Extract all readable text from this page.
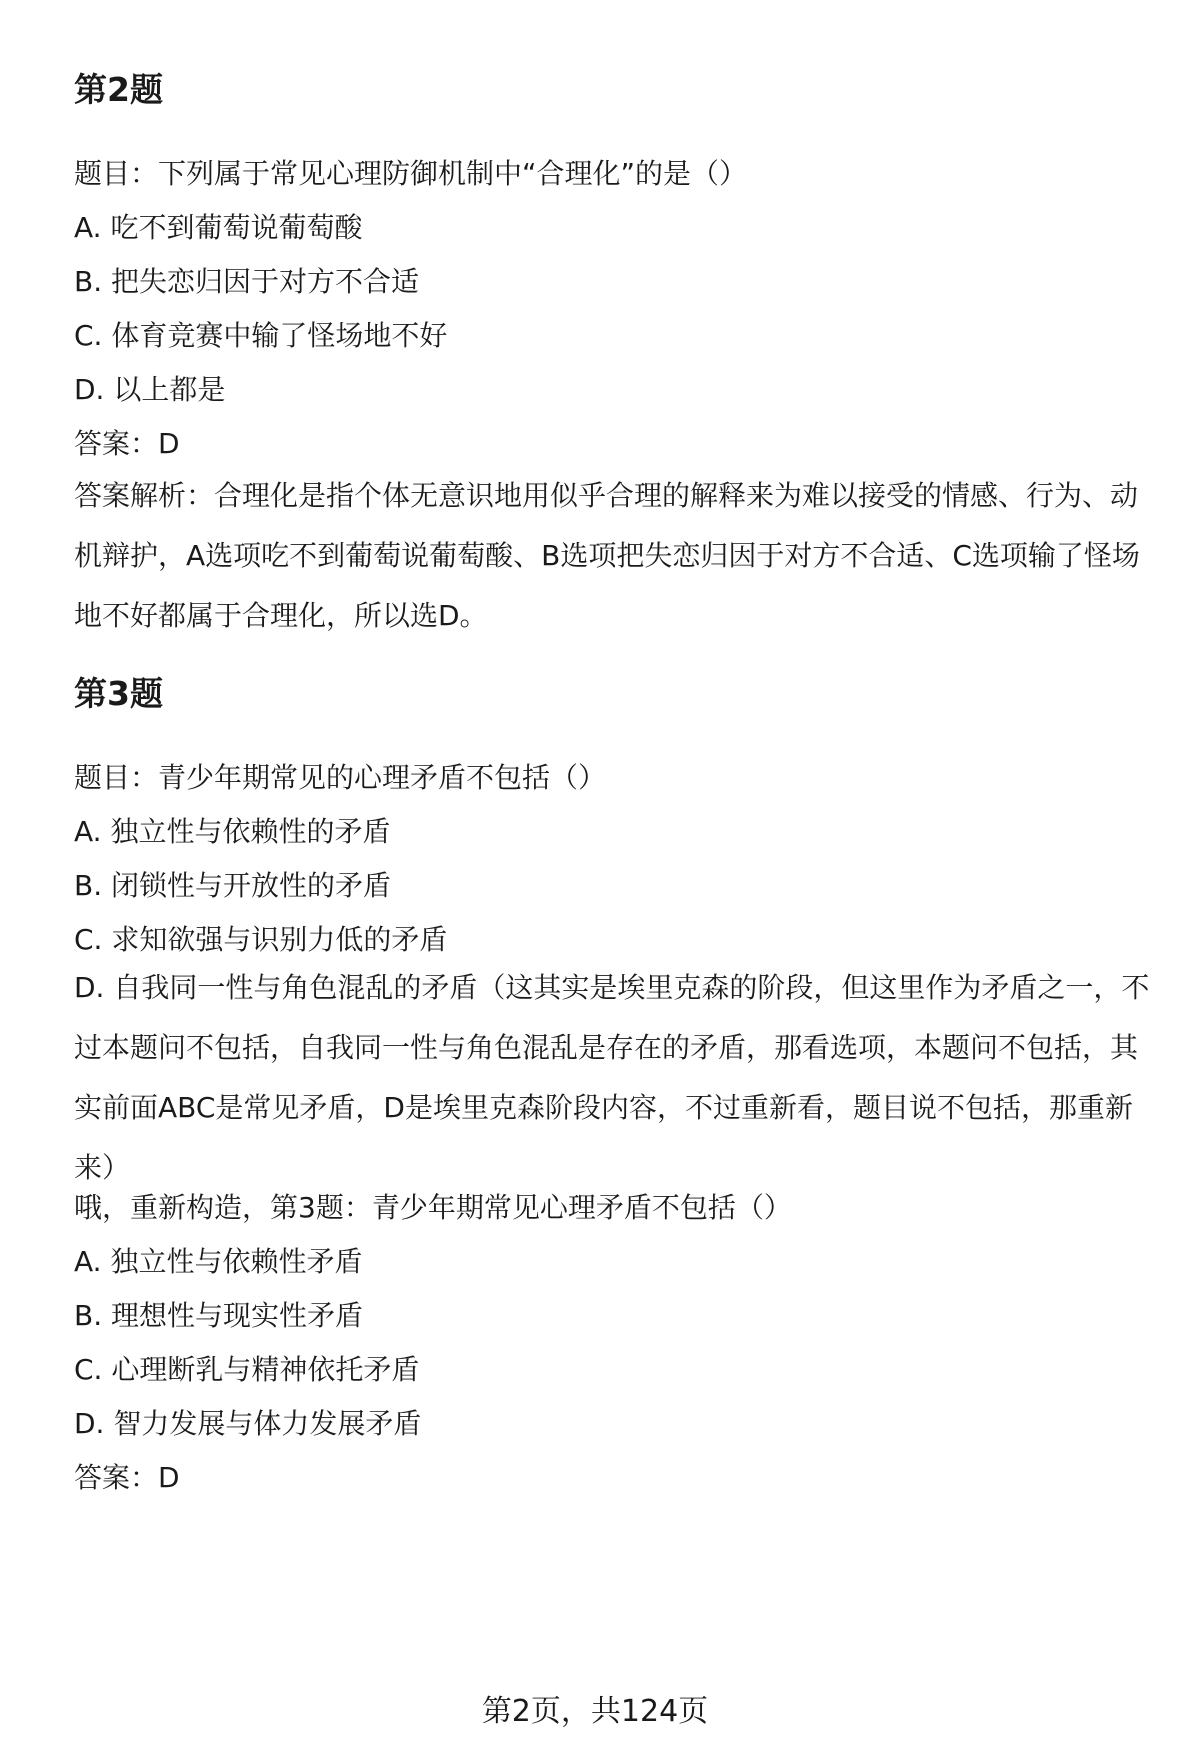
第2题

题目：下列属于常见心理防御机制中“合理化”的是（）

A. 吃不到葡萄说葡萄酸

B. 把失恋归因于对方不合适

C. 体育竞赛中输了怪场地不好

D. 以上都是

答案：D

答案解析：合理化是指个体无意识地用似乎合理的解释来为难以接受的情感、行为、动机辩护，A选项吃不到葡萄说葡萄酸、B选项把失恋归因于对方不合适、C选项输了怪场地不好都属于合理化，所以选D。

第3题

题目：青少年期常见的心理矛盾不包括（）

A. 独立性与依赖性的矛盾

B. 闭锁性与开放性的矛盾

C. 求知欲强与识别力低的矛盾

D. 自我同一性与角色混乱的矛盾（这其实是埃里克森的阶段，但这里作为矛盾之一，不过本题问不包括，自我同一性与角色混乱是存在的矛盾，那看选项，本题问不包括，其实前面ABC是常见矛盾，D是埃里克森阶段内容，不过重新看，题目说不包括，那重新来）

哦，重新构造，第3题：青少年期常见心理矛盾不包括（）

A. 独立性与依赖性矛盾

B. 理想性与现实性矛盾

C. 心理断乳与精神依托矛盾

D. 智力发展与体力发展矛盾

答案：D

第2页，共124页
